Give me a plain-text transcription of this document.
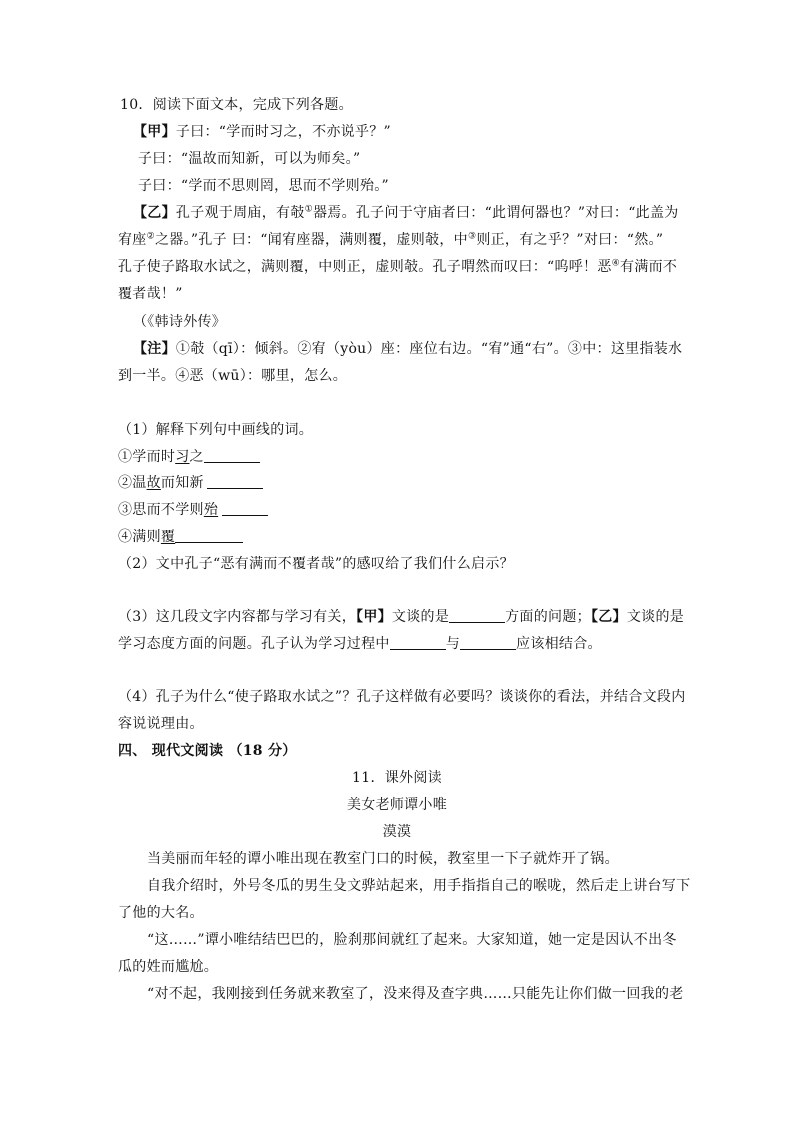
10．阅读下面文本，完成下列各题。
【甲】子曰：“学而时习之，不亦说乎？”
子曰：“温故而知新，可以为师矣。”
子曰：“学而不思则罔，思而不学则殆。”
【乙】孔子观于周庙，有攲①器焉。孔子问于守庙者曰：“此谓何器也？”对曰：“此盖为
宥座②之器。”孔子 曰：“闻宥座器，满则覆，虚则攲，中③则正，有之乎？”对曰：“然。”
孔子使子路取水试之，满则覆，中则正，虚则攲。孔子喟然而叹曰：“呜呼！恶④有满而不
覆者哉！”
（《韩诗外传》
【注】①攲（qī）：倾斜。②宥（yòu）座：座位右边。“宥”通“右”。③中：这里指装水
到一半。④恶（wū）：哪里，怎么。
（1）解释下列句中画线的词。
①学而时习之
②温故而知新
③思而不学则殆
④满则覆
（2）文中孔子“恶有满而不覆者哉”的感叹给了我们什么启示？
（3）这几段文字内容都与学习有关，【甲】文谈的是	方面的问题；【乙】文谈的是
学习态度方面的问题。孔子认为学习过程中	与	应该相结合。
（4）孔子为什么“使子路取水试之”？孔子这样做有必要吗？谈谈你的看法，并结合文段内
容说说理由。
四、 现代文阅读 （18 分）
11．课外阅读
美女老师谭小唯
漠漠
当美丽而年轻的谭小唯出现在教室门口的时候，教室里一下子就炸开了锅。
自我介绍时，外号冬瓜的男生殳文骅站起来，用手指指自己的喉咙，然后走上讲台写下
了他的大名。
“这……”谭小唯结结巴巴的，脸刹那间就红了起来。大家知道，她一定是因认不出冬
瓜的姓而尴尬。
“对不起，我刚接到任务就来教室了，没来得及查字典……只能先让你们做一回我的老
